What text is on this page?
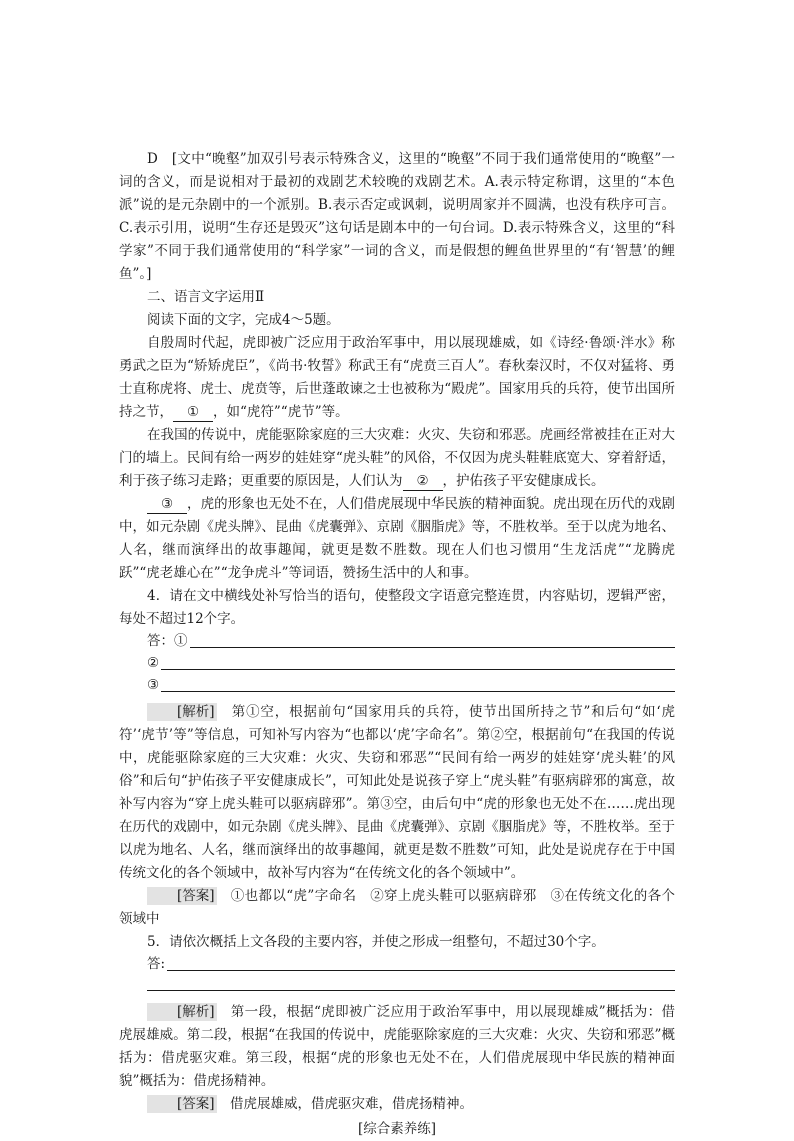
D　[文中“晚壑”加双引号表示特殊含义，这里的“晚壑”不同于我们通常使用的“晚壑”一词的含义，而是说相对于最初的戏剧艺术较晚的戏剧艺术。A.表示特定称谓，这里的“本色派”说的是元杂剧中的一个派别。B.表示否定或讽刺，说明周家并不圆满，也没有秩序可言。C.表示引用，说明“生存还是毁灭”这句话是剧本中的一句台词。D.表示特殊含义，这里的“科学家”不同于我们通常使用的“科学家”一词的含义，而是假想的鲤鱼世界里的“有‘智慧’的鲤鱼”。]

二、语言文字运用Ⅱ

阅读下面的文字，完成4～5题。

自殷周时代起，虎即被广泛应用于政治军事中，用以展现雄威，如《诗经·鲁颂·泮水》称勇武之臣为“矫矫虎臣”，《尚书·牧誓》称武王有“虎贲三百人”。春秋秦汉时，不仅对猛将、勇士直称虎将、虎士、虎贲等，后世蓬敢谏之士也被称为“殿虎”。国家用兵的兵符，使节出国所持之节， ① ，如“虎符”“虎节”等。

在我国的传说中，虎能驱除家庭的三大灾难：火灾、失窃和邪恶。虎画经常被挂在正对大门的墙上。民间有给一两岁的娃娃穿“虎头鞋”的风俗，不仅因为虎头鞋鞋底宽大、穿着舒适，利于孩子练习走路；更重要的原因是，人们认为 ② ，护佑孩子平安健康成长。

③ ，虎的形象也无处不在，人们借虎展现中华民族的精神面貌。虎出现在历代的戏剧中，如元杂剧《虎头牌》、昆曲《虎囊弹》、京剧《胭脂虎》等，不胜枚举。至于以虎为地名、人名，继而演绎出的故事趣闻，就更是数不胜数。现在人们也习惯用“生龙活虎”“龙腾虎跃”“虎老雄心在”“龙争虎斗”等词语，赞扬生活中的人和事。

4．请在文中横线处补写恰当的语句，使整段文字语意完整连贯，内容贴切，逻辑严密，每处不超过12个字。

答：①
②
③

[解析]　 第①空，根据前句“国家用兵的兵符，使节出国所持之节”和后句“如‘虎符’‘虎节’等”等信息，可知补写内容为“也都以‘虎’字命名”。第②空，根据前句“在我国的传说中，虎能驱除家庭的三大灾难：火灾、失窃和邪恶”“民间有给一两岁的娃娃穿‘虎头鞋’的风俗”和后句“护佑孩子平安健康成长”，可知此处是说孩子穿上“虎头鞋”有驱病辟邪的寓意，故补写内容为“穿上虎头鞋可以驱病辟邪”。第③空，由后句中“虎的形象也无处不在……虎出现在历代的戏剧中，如元杂剧《虎头牌》、昆曲《虎囊弹》、京剧《胭脂虎》等，不胜枚举。至于以虎为地名、人名，继而演绎出的故事趣闻，就更是数不胜数”可知，此处是说虎存在于中国传统文化的各个领域中，故补写内容为“在传统文化的各个领域中”。

[答案]　 ①也都以“虎”字命名　②穿上虎头鞋可以驱病辟邪　③在传统文化的各个领域中

5．请依次概括上文各段的主要内容，并使之形成一组整句，不超过30个字。

答:

[解析]　 第一段，根据“虎即被广泛应用于政治军事中，用以展现雄威”概括为：借虎展雄威。第二段，根据“在我国的传说中，虎能驱除家庭的三大灾难：火灾、失窃和邪恶”概括为：借虎驱灾难。第三段，根据“虎的形象也无处不在，人们借虎展现中华民族的精神面貌”概括为：借虎扬精神。

[答案]　 借虎展雄威，借虎驱灾难，借虎扬精神。

[综合素养练]
